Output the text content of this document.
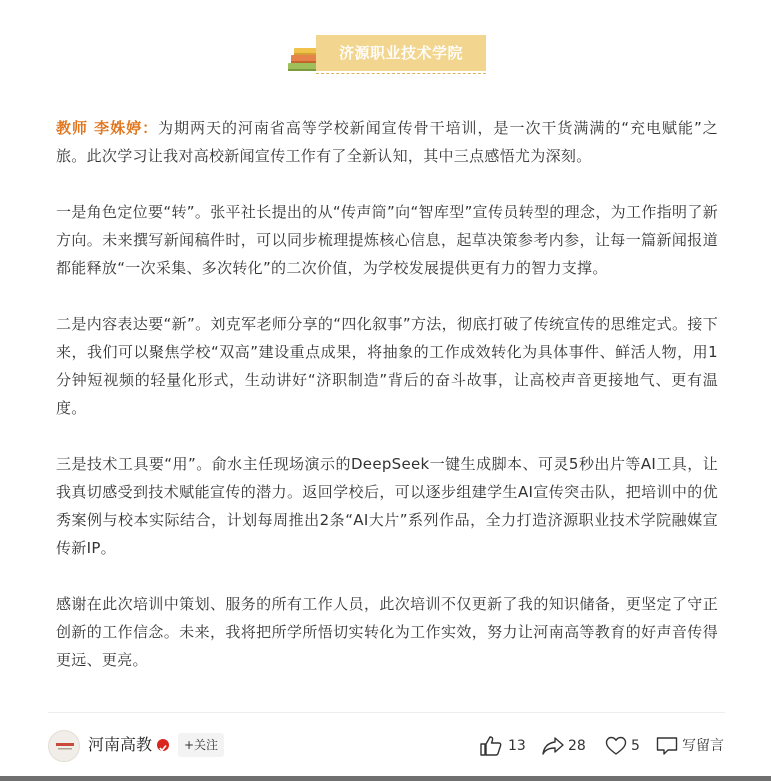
济源职业技术学院

教师 李姝婷：为期两天的河南省高等学校新闻宣传骨干培训，是一次干货满满的“充电赋能”之旅。此次学习让我对高校新闻宣传工作有了全新认知，其中三点感悟尤为深刻。

一是角色定位要“转”。张平社长提出的从“传声筒”向“智库型”宣传员转型的理念，为工作指明了新方向。未来撰写新闻稿件时，可以同步梳理提炼核心信息，起草决策参考内参，让每一篇新闻报道都能释放“一次采集、多次转化”的二次价值，为学校发展提供更有力的智力支撑。

二是内容表达要“新”。刘克军老师分享的“四化叙事”方法，彻底打破了传统宣传的思维定式。接下来，我们可以聚焦学校“双高”建设重点成果，将抽象的工作成效转化为具体事件、鲜活人物，用1分钟短视频的轻量化形式，生动讲好“济职制造”背后的奋斗故事，让高校声音更接地气、更有温度。

三是技术工具要“用”。俞水主任现场演示的DeepSeek一键生成脚本、可灵5秒出片等AI工具，让我真切感受到技术赋能宣传的潜力。返回学校后，可以逐步组建学生AI宣传突击队，把培训中的优秀案例与校本实际结合，计划每周推出2条“AI大片”系列作品，全力打造济源职业技术学院融媒宣传新IP。

感谢在此次培训中策划、服务的所有工作人员，此次培训不仅更新了我的知识储备，更坚定了守正创新的工作信念。未来，我将把所学所悟切实转化为工作实效，努力让河南高等教育的好声音传得更远、更亮。

河南高教	+关注	13	28	5	写留言
